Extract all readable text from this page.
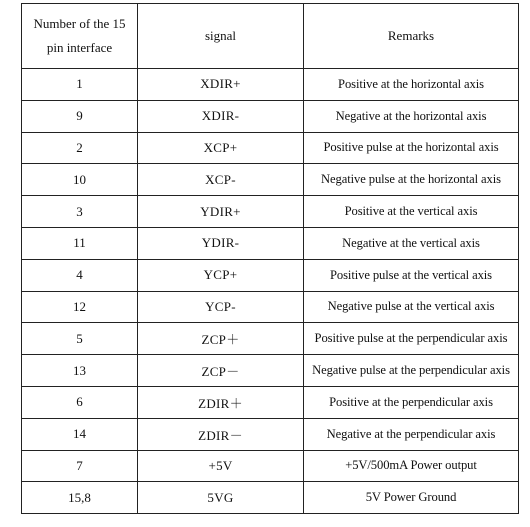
Number of the 15
pin interface	signal	Remarks
1	XDIR+	Positive at the horizontal axis
9	XDIR-	Negative at the horizontal axis
2	XCP+	Positive pulse at the horizontal axis
10	XCP-	Negative pulse at the horizontal axis
3	YDIR+	Positive at the vertical axis
11	YDIR-	Negative at the vertical axis
4	YCP+	Positive pulse at the vertical axis
12	YCP-	Negative pulse at the vertical axis
5	ZCP＋	Positive pulse at the perpendicular axis
13	ZCP－	Negative pulse at the perpendicular axis
6	ZDIR＋	Positive at the perpendicular axis
14	ZDIR－	Negative at the perpendicular axis
7	+5V	+5V/500mA Power output
15,8	5VG	5V Power Ground
